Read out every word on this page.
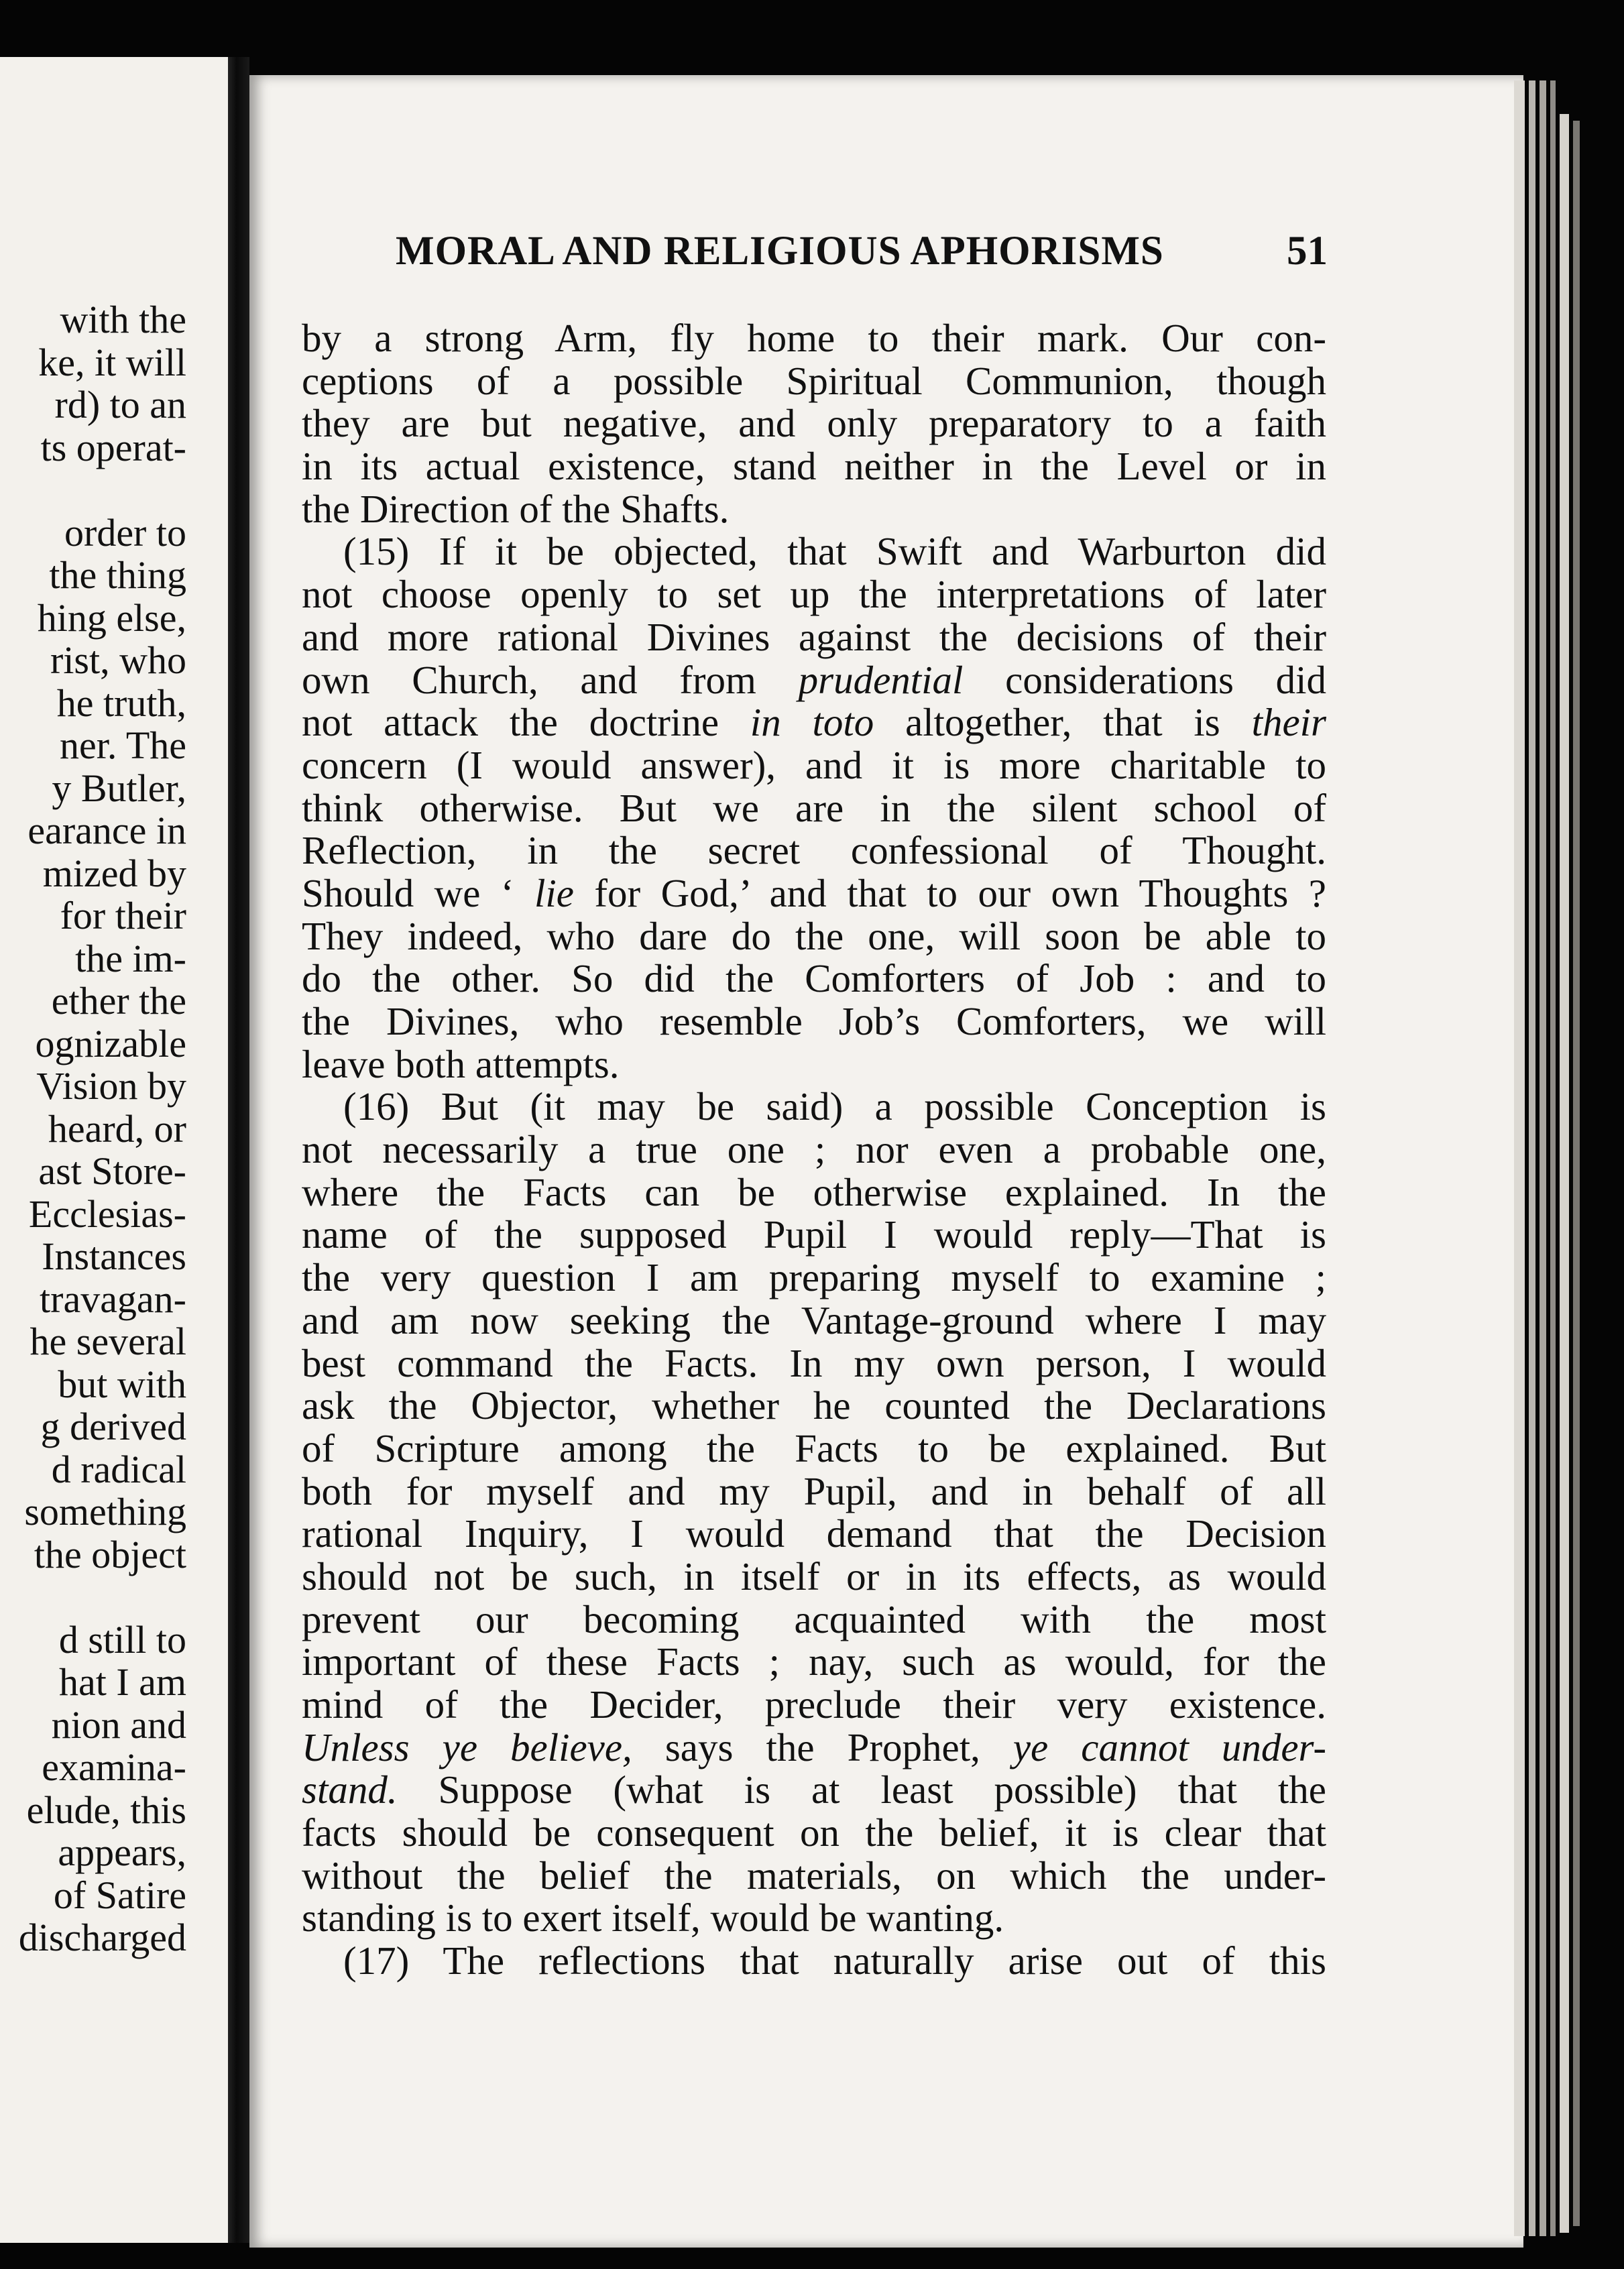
with the
ke, it will
rd) to an
ts operat-
order to
the thing
hing else,
rist, who
he truth,
ner. The
y Butler,
earance in
mized by
for their
the im-
ether the
ognizable
Vision by
heard, or
ast Store-
Ecclesias-
Instances
travagan-
he several
but with
g derived
d radical
something
the object
d still to
hat I am
nion and
examina-
elude, this
appears,
of Satire
discharged
MORAL AND RELIGIOUS APHORISMS	51
by a strong Arm, fly home to their mark. Our con-
ceptions of a possible Spiritual Communion, though
they are but negative, and only preparatory to a faith
in its actual existence, stand neither in the Level or in
the Direction of the Shafts.
(15) If it be objected, that Swift and Warburton did
not choose openly to set up the interpretations of later
and more rational Divines against the decisions of their
own Church, and from prudential considerations did
not attack the doctrine in toto altogether, that is their
concern (I would answer), and it is more charitable to
think otherwise. But we are in the silent school of
Reflection, in the secret confessional of Thought.
Should we ‘ lie for God,’ and that to our own Thoughts ?
They indeed, who dare do the one, will soon be able to
do the other. So did the Comforters of Job : and to
the Divines, who resemble Job’s Comforters, we will
leave both attempts.
(16) But (it may be said) a possible Conception is
not necessarily a true one ; nor even a probable one,
where the Facts can be otherwise explained. In the
name of the supposed Pupil I would reply—That is
the very question I am preparing myself to examine ;
and am now seeking the Vantage-ground where I may
best command the Facts. In my own person, I would
ask the Objector, whether he counted the Declarations
of Scripture among the Facts to be explained. But
both for myself and my Pupil, and in behalf of all
rational Inquiry, I would demand that the Decision
should not be such, in itself or in its effects, as would
prevent our becoming acquainted with the most
important of these Facts ; nay, such as would, for the
mind of the Decider, preclude their very existence.
Unless ye believe, says the Prophet, ye cannot under-
stand. Suppose (what is at least possible) that the
facts should be consequent on the belief, it is clear that
without the belief the materials, on which the under-
standing is to exert itself, would be wanting.
(17) The reflections that naturally arise out of this
